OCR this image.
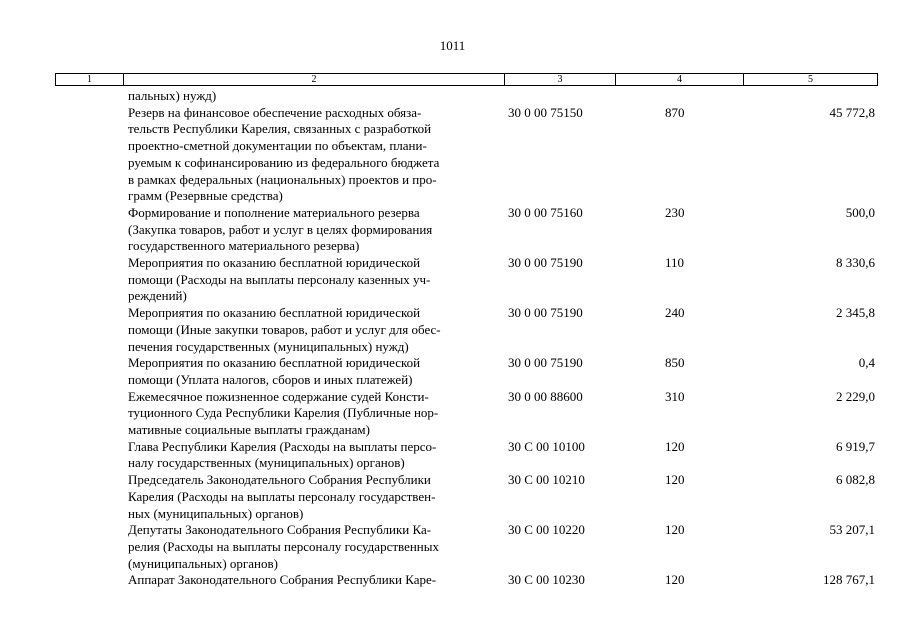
1011
1	2	3	4	5
пальных) нужд)
Резерв на финансовое обеспечение расходных обяза-
тельств Республики Карелия, связанных с разработкой
проектно-сметной документации по объектам, плани-
руемым к софинансированию из федерального бюджета
в рамках федеральных (национальных) проектов и про-
грамм (Резервные средства)
30 0 00 75150	870	45 772,8
Формирование и пополнение материального резерва
(Закупка товаров, работ и услуг в целях формирования
государственного материального резерва)
30 0 00 75160	230	500,0
Мероприятия по оказанию бесплатной юридической
помощи (Расходы на выплаты персоналу казенных уч-
реждений)
30 0 00 75190	110	8 330,6
Мероприятия по оказанию бесплатной юридической
помощи (Иные закупки товаров, работ и услуг для обес-
печения государственных (муниципальных) нужд)
30 0 00 75190	240	2 345,8
Мероприятия по оказанию бесплатной юридической
помощи (Уплата налогов, сборов и иных платежей)
30 0 00 75190	850	0,4
Ежемесячное пожизненное содержание судей Консти-
туционного Суда Республики Карелия (Публичные нор-
мативные социальные выплаты гражданам)
30 0 00 88600	310	2 229,0
Глава Республики Карелия (Расходы на выплаты персо-
налу государственных (муниципальных) органов)
30 С 00 10100	120	6 919,7
Председатель Законодательного Собрания Республики
Карелия (Расходы на выплаты персоналу государствен-
ных (муниципальных) органов)
30 С 00 10210	120	6 082,8
Депутаты Законодательного Собрания Республики Ка-
релия (Расходы на выплаты персоналу государственных
(муниципальных) органов)
30 С 00 10220	120	53 207,1
Аппарат Законодательного Собрания Республики Каре-	30 С 00 10230	120	128 767,1
